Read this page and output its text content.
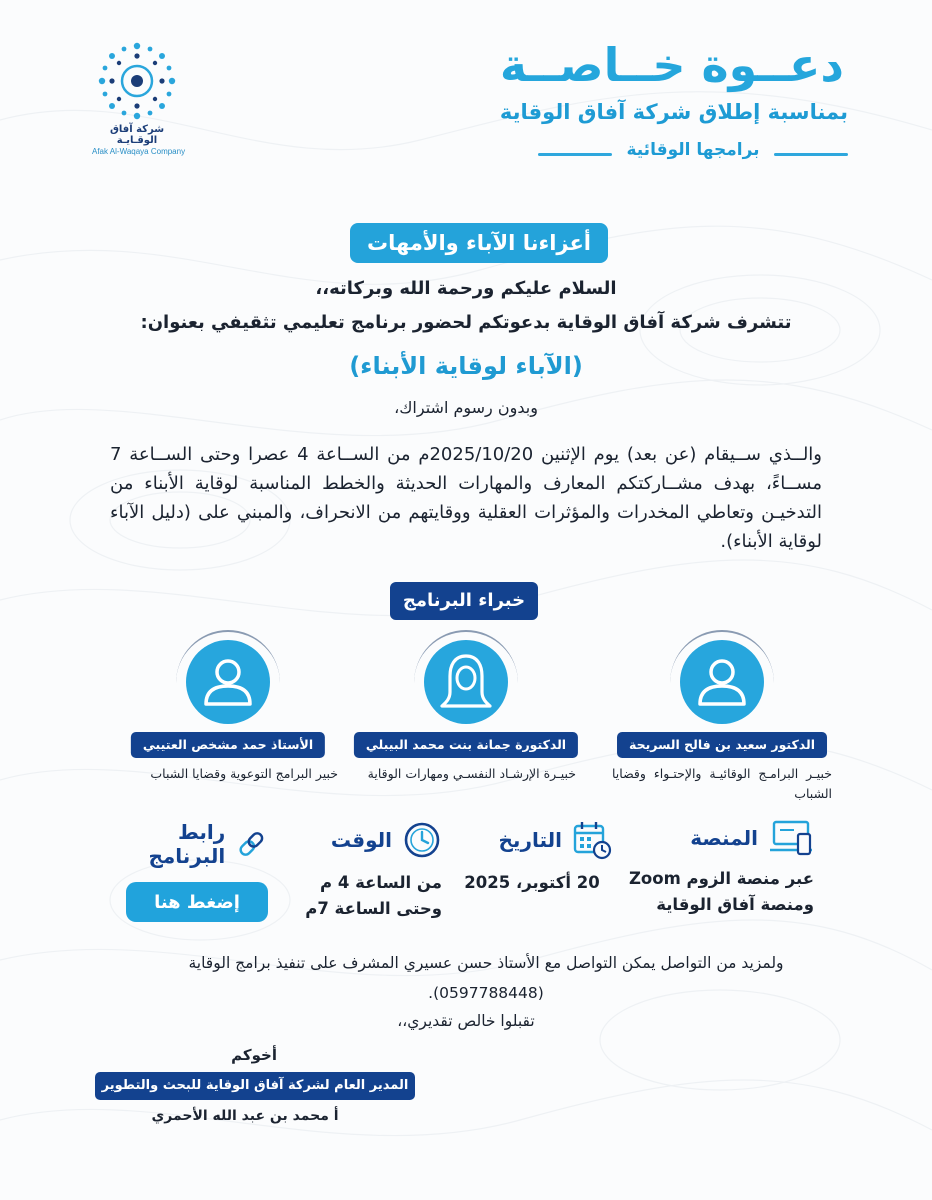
شركة آفاق الوقـايـة
Afak Al-Waqaya Company
دعــوة خــاصــة
بمناسبة إطلاق شركة آفاق الوقاية
برامجها الوقائية
أعزاءنا الآباء والأمهات
السلام عليكم ورحمة الله وبركاته،،
تتشرف شركة آفاق الوقاية بدعوتكم لحضور برنامج تعليمي تثقيفي بعنوان:
(الآباء لوقاية الأبناء)
وبدون رسوم اشتراك،
والــذي ســيقام (عن بعد) يوم الإثنين 2025/10/20م من الســاعة 4 عصرا وحتى الســاعة 7 مســاءً، بهدف مشــاركتكم المعارف والمهارات الحديثة والخطط المناسبة لوقاية الأبناء من التدخيـن وتعاطي المخدرات والمؤثرات العقلية ووقايتهم من الانحراف، والمبني على (دليل الآباء لوقاية الأبناء).
خبراء البرنامج
الدكتور سعيد بن فالح السريحة
خبيـر البرامـج الوقائيـة والإحتـواء وقضايا الشباب
الدكتورة جمانة بنت محمد البيبلي
خبيـرة الإرشـاد النفسـي ومهارات الوقاية
الأستاذ حمد مشخص العتيبي
خبير البرامج التوعوية وقضايا الشباب
المنصة
عبر منصة الزوم Zoom
ومنصة آفاق الوقاية
التاريخ
20 أكتوبر، 2025
الوقت
من الساعة 4 م
وحتى الساعة 7م
رابط البرنامج
إضغط هنا
ولمزيد من التواصل يمكن التواصل مع الأستاذ حسن عسيري المشرف على تنفيذ برامج الوقاية (0597788448).
تقبلوا خالص تقديري،،
أخوكم
المدير العام لشركة آفاق الوقاية للبحث والتطوير
أ محمد بن عبد الله الأحمري
